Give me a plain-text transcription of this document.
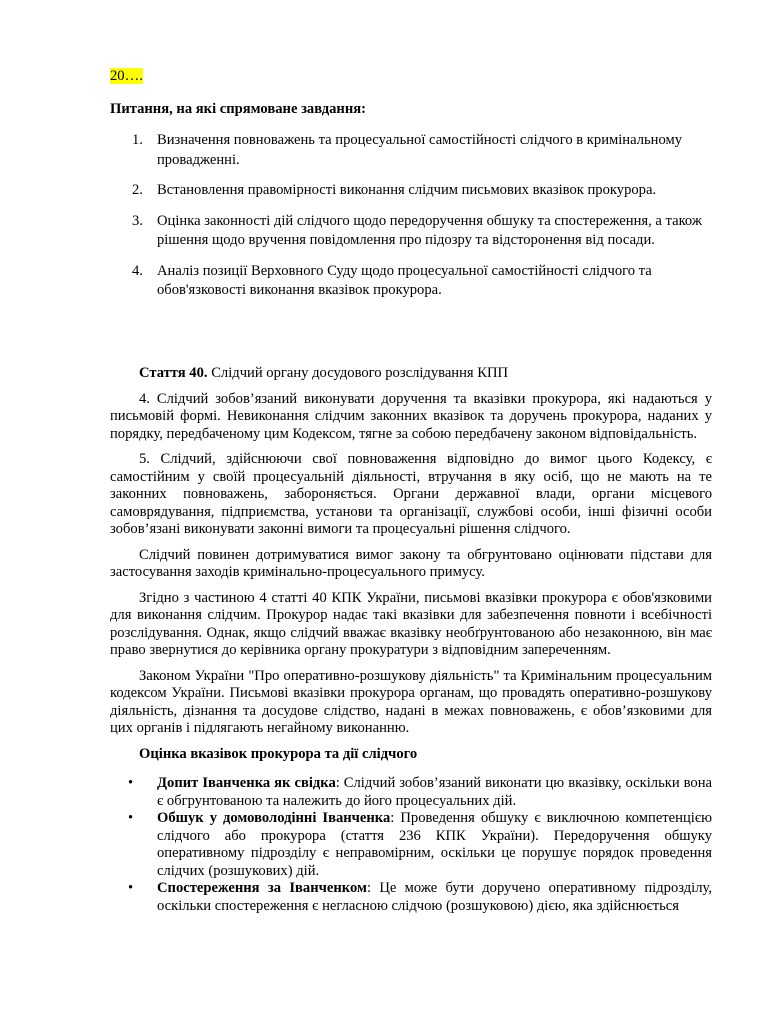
20….

Питання, на які спрямоване завдання:

1. Визначення повноважень та процесуальної самостійності слідчого в кримінальному провадженні.
2. Встановлення правомірності виконання слідчим письмових вказівок прокурора.
3. Оцінка законності дій слідчого щодо передоручення обшуку та спостереження, а також рішення щодо вручення повідомлення про підозру та відсторонення від посади.
4. Аналіз позиції Верховного Суду щодо процесуальної самостійності слідчого та обов'язковості виконання вказівок прокурора.

Стаття 40. Слідчий органу досудового розслідування КПП

4. Слідчий зобов’язаний виконувати доручення та вказівки прокурора, які надаються у письмовій формі. Невиконання слідчим законних вказівок та доручень прокурора, наданих у порядку, передбаченому цим Кодексом, тягне за собою передбачену законом відповідальність.

5. Слідчий, здійснюючи свої повноваження відповідно до вимог цього Кодексу, є самостійним у своїй процесуальній діяльності, втручання в яку осіб, що не мають на те законних повноважень, забороняється. Органи державної влади, органи місцевого самоврядування, підприємства, установи та організації, службові особи, інші фізичні особи зобов’язані виконувати законні вимоги та процесуальні рішення слідчого.

Слідчий повинен дотримуватися вимог закону та обгрунтовано оцінювати підстави для застосування заходів кримінально-процесуального примусу.

Згідно з частиною 4 статті 40 КПК України, письмові вказівки прокурора є обов'язковими для виконання слідчим. Прокурор надає такі вказівки для забезпечення повноти і всебічності розслідування. Однак, якщо слідчий вважає вказівку необґрунтованою або незаконною, він має право звернутися до керівника органу прокуратури з відповідним запереченням.

Законом України "Про оперативно-розшукову діяльність" та Кримінальним процесуальним кодексом України. Письмові вказівки прокурора органам, що провадять оперативно-розшукову діяльність, дізнання та досудове слідство, надані в межах повноважень, є обов’язковими для цих органів і підлягають негайному виконанню.

Оцінка вказівок прокурора та дії слідчого

• Допит Іванченка як свідка: Слідчий зобов’язаний виконати цю вказівку, оскільки вона є обгрунтованою та належить до його процесуальних дій.
• Обшук у домоволодінні Іванченка: Проведення обшуку є виключною компетенцією слідчого або прокурора (стаття 236 КПК України). Передоручення обшуку оперативному підрозділу є неправомірним, оскільки це порушує порядок проведення слідчих (розшукових) дій.
• Спостереження за Іванченком: Це може бути доручено оперативному підрозділу, оскільки спостереження є негласною слідчою (розшуковою) дією, яка здійснюється
